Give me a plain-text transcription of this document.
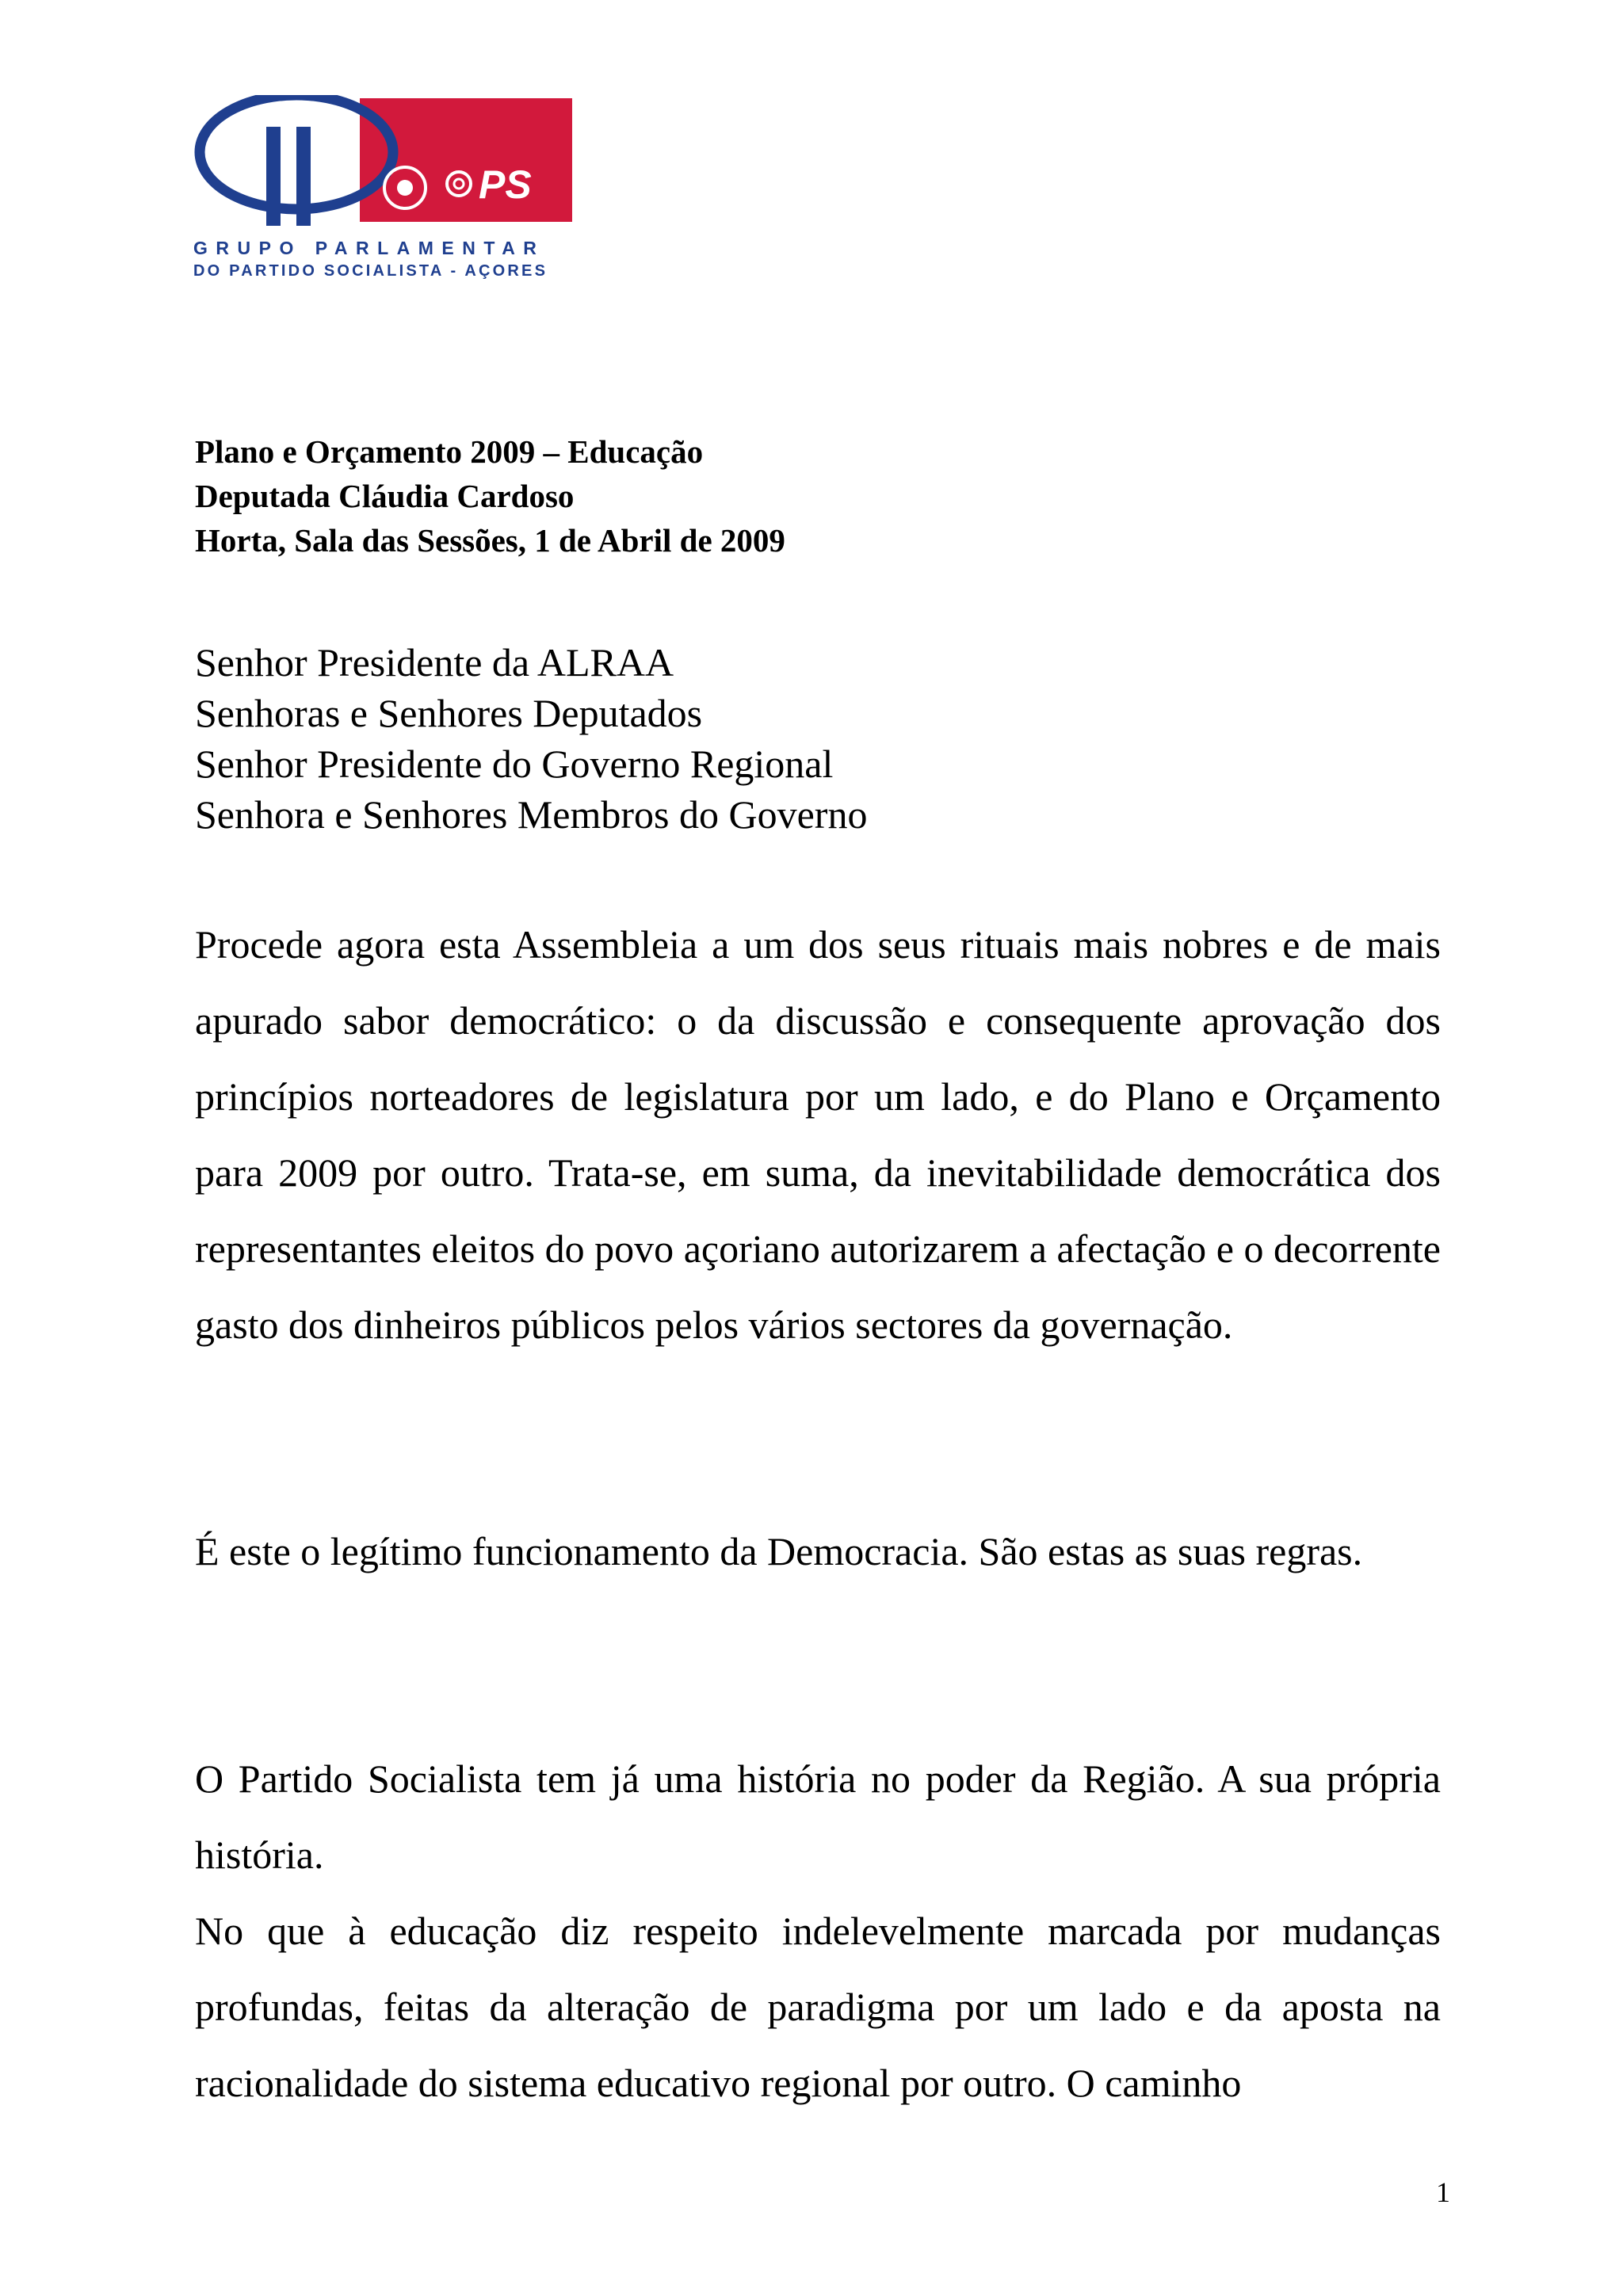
PS
GRUPO PARLAMENTAR
DO PARTIDO SOCIALISTA - AÇORES
Plano e Orçamento 2009 – Educação
Deputada Cláudia Cardoso
Horta, Sala das Sessões, 1 de Abril de 2009
Senhor Presidente da ALRAA
Senhoras e Senhores Deputados
Senhor Presidente do Governo Regional
Senhora e Senhores Membros do Governo

Procede agora esta Assembleia a um dos seus rituais mais nobres e de mais apurado sabor democrático: o da discussão e consequente aprovação dos princípios norteadores de legislatura por um lado, e do Plano e Orçamento para 2009 por outro. Trata-se, em suma, da inevitabilidade democrática dos representantes eleitos do povo açoriano autorizarem a afectação e o decorrente gasto dos dinheiros públicos pelos vários sectores da governação.

É este o legítimo funcionamento da Democracia. São estas as suas regras.

O Partido Socialista tem já uma história no poder da Região. A sua própria história.

No que à educação diz respeito indelevelmente marcada por mudanças profundas, feitas da alteração de paradigma por um lado e da aposta na racionalidade do sistema educativo regional por outro. O caminho

1
